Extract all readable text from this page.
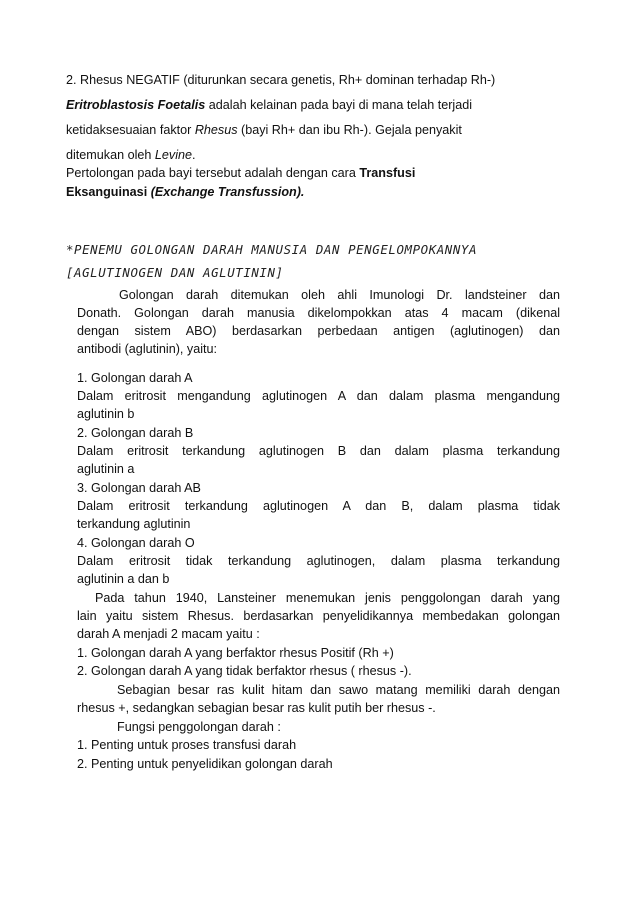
2. Rhesus NEGATIF (diturunkan secara genetis, Rh+ dominan terhadap Rh-)
Eritroblastosis Foetalis adalah kelainan pada bayi di mana telah terjadi
ketidaksesuaian faktor Rhesus (bayi Rh+ dan ibu Rh-). Gejala penyakit
ditemukan oleh Levine.
Pertolongan pada bayi tersebut adalah dengan cara Transfusi
Eksanguinasi (Exchange Transfussion).
*PENEMU GOLONGAN DARAH MANUSIA DAN PENGELOMPOKANNYA
[AGLUTINOGEN DAN AGLUTININ]
Golongan darah ditemukan oleh ahli Imunologi Dr. landsteiner dan
Donath. Golongan darah manusia dikelompokkan atas 4 macam (dikenal
dengan sistem ABO) berdasarkan perbedaan antigen (aglutinogen) dan
antibodi (aglutinin), yaitu:
1. Golongan darah A
Dalam eritrosit mengandung aglutinogen A dan dalam plasma mengandung
aglutinin b
2. Golongan darah B
Dalam eritrosit terkandung aglutinogen B dan dalam plasma terkandung
aglutinin a
3. Golongan darah AB
Dalam eritrosit terkandung aglutinogen A dan B, dalam plasma tidak
terkandung aglutinin
4. Golongan darah O
Dalam eritrosit tidak terkandung aglutinogen, dalam plasma terkandung
aglutinin a dan b
Pada tahun 1940, Lansteiner menemukan jenis penggolongan darah yang
lain yaitu sistem Rhesus. berdasarkan penyelidikannya membedakan golongan
darah A menjadi 2 macam yaitu :
1. Golongan darah A yang berfaktor rhesus Positif (Rh +)
2. Golongan darah A yang tidak berfaktor rhesus ( rhesus -).
Sebagian besar ras kulit hitam dan sawo matang memiliki darah dengan
rhesus +, sedangkan sebagian besar ras kulit putih ber rhesus -.
Fungsi penggolongan darah :
1. Penting untuk proses transfusi darah
2. Penting untuk penyelidikan golongan darah
